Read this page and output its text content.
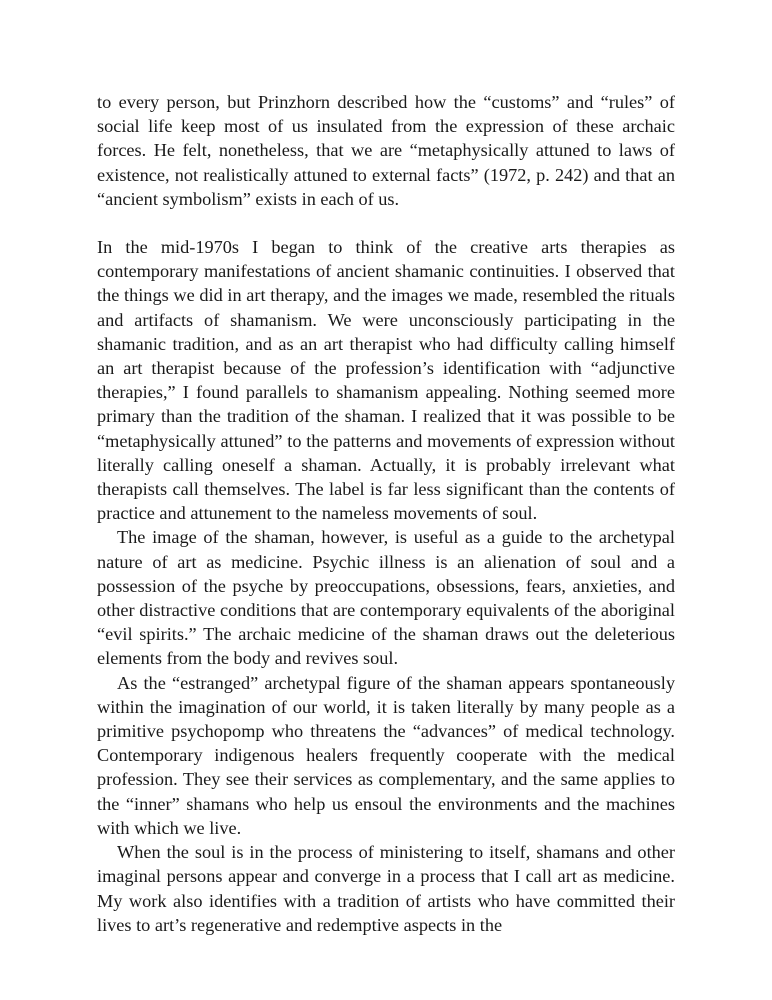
to every person, but Prinzhorn described how the “customs” and “rules” of social life keep most of us insulated from the expression of these archaic forces. He felt, nonetheless, that we are “metaphysically attuned to laws of existence, not realistically attuned to external facts” (1972, p. 242) and that an “ancient symbolism” exists in each of us.

In the mid-1970s I began to think of the creative arts therapies as contemporary manifestations of ancient shamanic continuities. I observed that the things we did in art therapy, and the images we made, resembled the rituals and artifacts of shamanism. We were unconsciously participating in the shamanic tradition, and as an art therapist who had difficulty calling himself an art therapist because of the profession’s identification with “adjunctive therapies,” I found parallels to shamanism appealing. Nothing seemed more primary than the tradition of the shaman. I realized that it was possible to be “metaphysically attuned” to the patterns and movements of expression without literally calling oneself a shaman. Actually, it is probably irrelevant what therapists call themselves. The label is far less significant than the contents of practice and attunement to the nameless movements of soul.

The image of the shaman, however, is useful as a guide to the archetypal nature of art as medicine. Psychic illness is an alienation of soul and a possession of the psyche by preoccupations, obsessions, fears, anxieties, and other distractive conditions that are contemporary equivalents of the aboriginal “evil spirits.” The archaic medicine of the shaman draws out the deleterious elements from the body and revives soul.

As the “estranged” archetypal figure of the shaman appears spontaneously within the imagination of our world, it is taken literally by many people as a primitive psychopomp who threatens the “advances” of medical technology. Contemporary indigenous healers frequently cooperate with the medical profession. They see their services as complementary, and the same applies to the “inner” shamans who help us ensoul the environments and the machines with which we live.

When the soul is in the process of ministering to itself, shamans and other imaginal persons appear and converge in a process that I call art as medicine. My work also identifies with a tradition of artists who have committed their lives to art’s regenerative and redemptive aspects in the
